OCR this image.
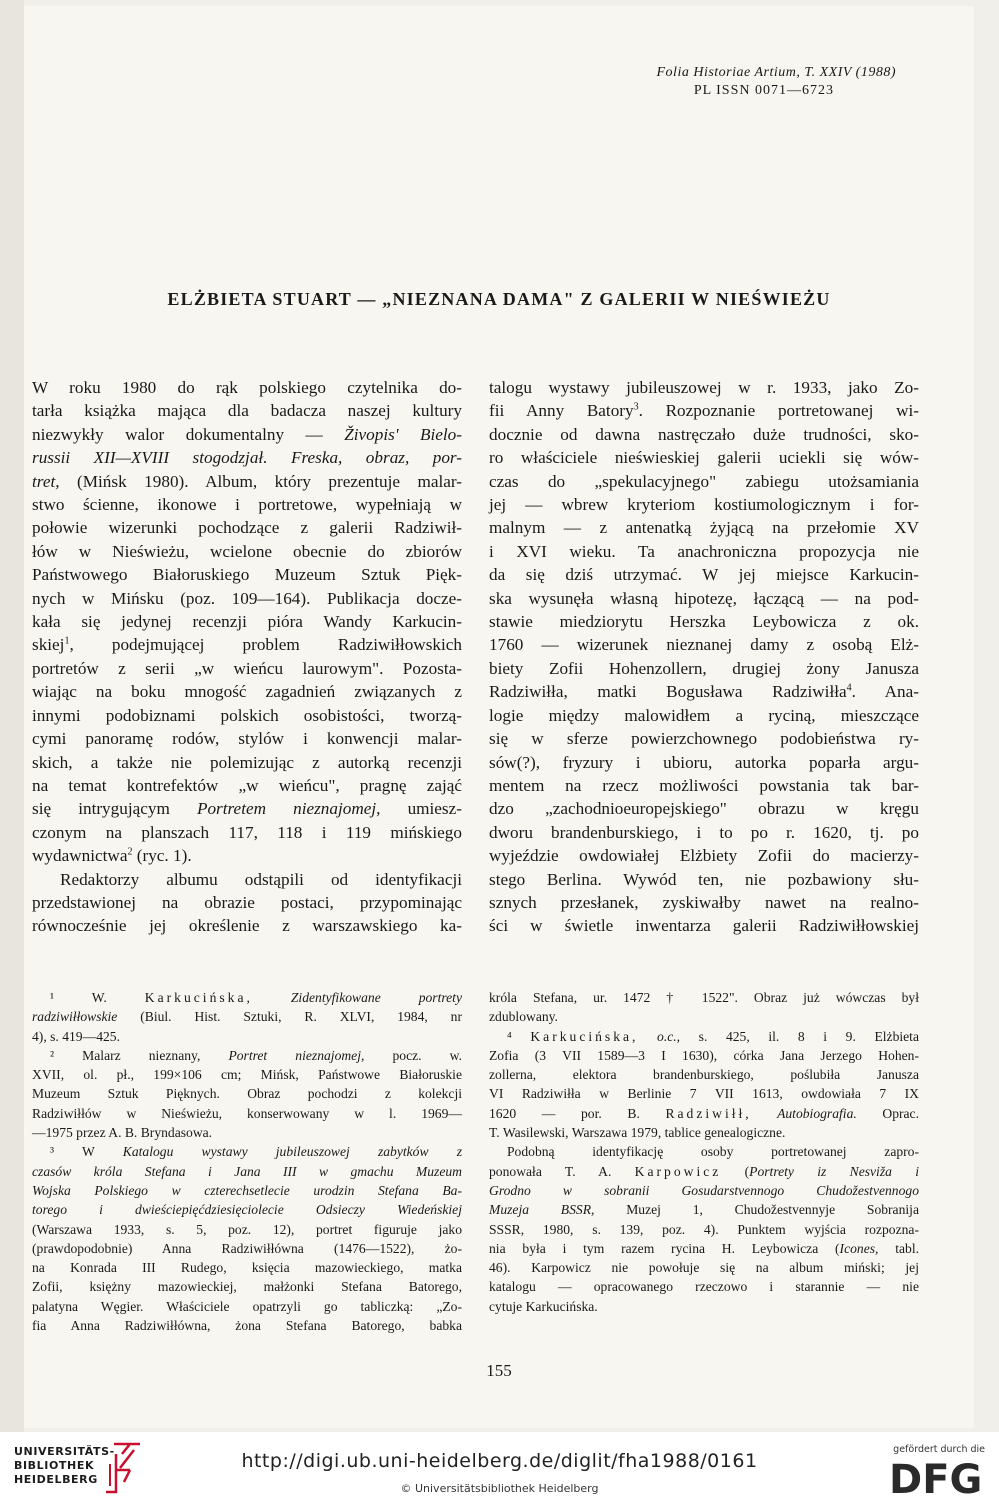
Folia Historiae Artium, T. XXIV (1988)
PL ISSN 0071—6723
ELŻBIETA STUART — „NIEZNANA DAMA" Z GALERII W NIEŚWIEŻU

W roku 1980 do rąk polskiego czytelnika do-

tarła książka mająca dla badacza naszej kultury

niezwykły walor dokumentalny — Živopis' Bielo-

russii XII—XVIII stogodzjał. Freska, obraz, por-

tret, (Mińsk 1980). Album, który prezentuje malar-

stwo ścienne, ikonowe i portretowe, wypełniają w

połowie wizerunki pochodzące z galerii Radziwił-

łów w Nieświeżu, wcielone obecnie do zbiorów

Państwowego Białoruskiego Muzeum Sztuk Pięk-

nych w Mińsku (poz. 109—164). Publikacja docze-

kała się jedynej recenzji pióra Wandy Karkucin-

skiej$^1$, podejmującej problem Radziwiłłowskich

portretów z serii „w wieńcu laurowym". Pozosta-

wiając na boku mnogość zagadnień związanych z

innymi podobiznami polskich osobistości, tworzą-

cymi panoramę rodów, stylów i konwencji malar-

skich, a także nie polemizując z autorką recenzji

na temat kontrefektów „w wieńcu", pragnę zająć

się intrygującym Portretem nieznajomej, umiesz-

czonym na planszach 117, 118 i 119 mińskiego

wydawnictwa$^2$ (ryc. 1).

Redaktorzy albumu odstąpili od identyfikacji

przedstawionej na obrazie postaci, przypominając

równocześnie jej określenie z warszawskiego ka-

talogu wystawy jubileuszowej w r. 1933, jako Zo-

fii Anny Batory$^3$. Rozpoznanie portretowanej wi-

docznie od dawna nastręczało duże trudności, sko-

ro właściciele nieświeskiej galerii uciekli się wów-

czas do „spekulacyjnego" zabiegu utożsamiania

jej — wbrew kryteriom kostiumologicznym i for-

malnym — z antenatką żyjącą na przełomie XV

i XVI wieku. Ta anachroniczna propozycja nie

da się dziś utrzymać. W jej miejsce Karkucin-

ska wysunęła własną hipotezę, łączącą — na pod-

stawie miedziorytu Herszka Leybowicza z ok.

1760 — wizerunek nieznanej damy z osobą Elż-

biety Zofii Hohenzollern, drugiej żony Janusza

Radziwiłła, matki Bogusława Radziwiłła$^4$. Ana-

logie między malowidłem a ryciną, mieszczące

się w sferze powierzchownego podobieństwa ry-

sów(?), fryzury i ubioru, autorka poparła argu-

mentem na rzecz możliwości powstania tak bar-

dzo „zachodnioeuropejskiego" obrazu w kręgu

dworu brandenburskiego, i to po r. 1620, tj. po

wyjeździe owdowiałej Elżbiety Zofii do macierzy-

stego Berlina. Wywód ten, nie pozbawiony słu-

sznych przesłanek, zyskiwałby nawet na realno-

ści w świetle inwentarza galerii Radziwiłłowskiej

¹ W. Karkucińska, Zidentyfikowane portrety

radziwiłłowskie (Biul. Hist. Sztuki, R. XLVI, 1984, nr

4), s. 419—425.

² Malarz nieznany, Portret nieznajomej, pocz. w.

XVII, ol. pł., 199×106 cm; Mińsk, Państwowe Białoruskie

Muzeum Sztuk Pięknych. Obraz pochodzi z kolekcji

Radziwiłłów w Nieświeżu, konserwowany w l. 1969—

—1975 przez A. B. Bryndasowa.

³ W Katalogu wystawy jubileuszowej zabytków z

czasów króla Stefana i Jana III w gmachu Muzeum

Wojska Polskiego w czterechsetlecie urodzin Stefana Ba-

torego i dwieściepięćdziesięciolecie Odsieczy Wiedeńskiej

(Warszawa 1933, s. 5, poz. 12), portret figuruje jako

(prawdopodobnie) Anna Radziwiłłówna (1476—1522), żo-

na Konrada III Rudego, księcia mazowieckiego, matka

Zofii, księżny mazowieckiej, małżonki Stefana Batorego,

palatyna Węgier. Właściciele opatrzyli go tabliczką: „Zo-

fia Anna Radziwiłłówna, żona Stefana Batorego, babka

króla Stefana, ur. 1472 † 1522". Obraz już wówczas był

zdublowany.

⁴ Karkucińska, o.c., s. 425, il. 8 i 9. Elżbieta

Zofia (3 VII 1589—3 I 1630), córka Jana Jerzego Hohen-

zollerna, elektora brandenburskiego, poślubiła Janusza

VI Radziwiłła w Berlinie 7 VII 1613, owdowiała 7 IX

1620 — por. B. Radziwiłł, Autobiografia. Oprac.

T. Wasilewski, Warszawa 1979, tablice genealogiczne.

Podobną identyfikację osoby portretowanej zapro-

ponowała T. A. Karpowicz (Portrety iz Nesviža i

Grodno w sobranii Gosudarstvennogo Chudožestvennogo

Muzeja BSSR, Muzej 1, Chudožestvennyje Sobranija

SSSR, 1980, s. 139, poz. 4). Punktem wyjścia rozpozna-

nia była i tym razem rycina H. Leybowicza (Icones, tabl.

46). Karpowicz nie powołuje się na album miński; jej

katalogu — opracowanego rzeczowo i starannie — nie

cytuje Karkucińska.

155
UNIVERSITÄTS-
BIBLIOTHEK
HEIDELBERG
http://digi.ub.uni-heidelberg.de/diglit/fha1988/0161
© Universitätsbibliothek Heidelberg
gefördert durch die
DFG
